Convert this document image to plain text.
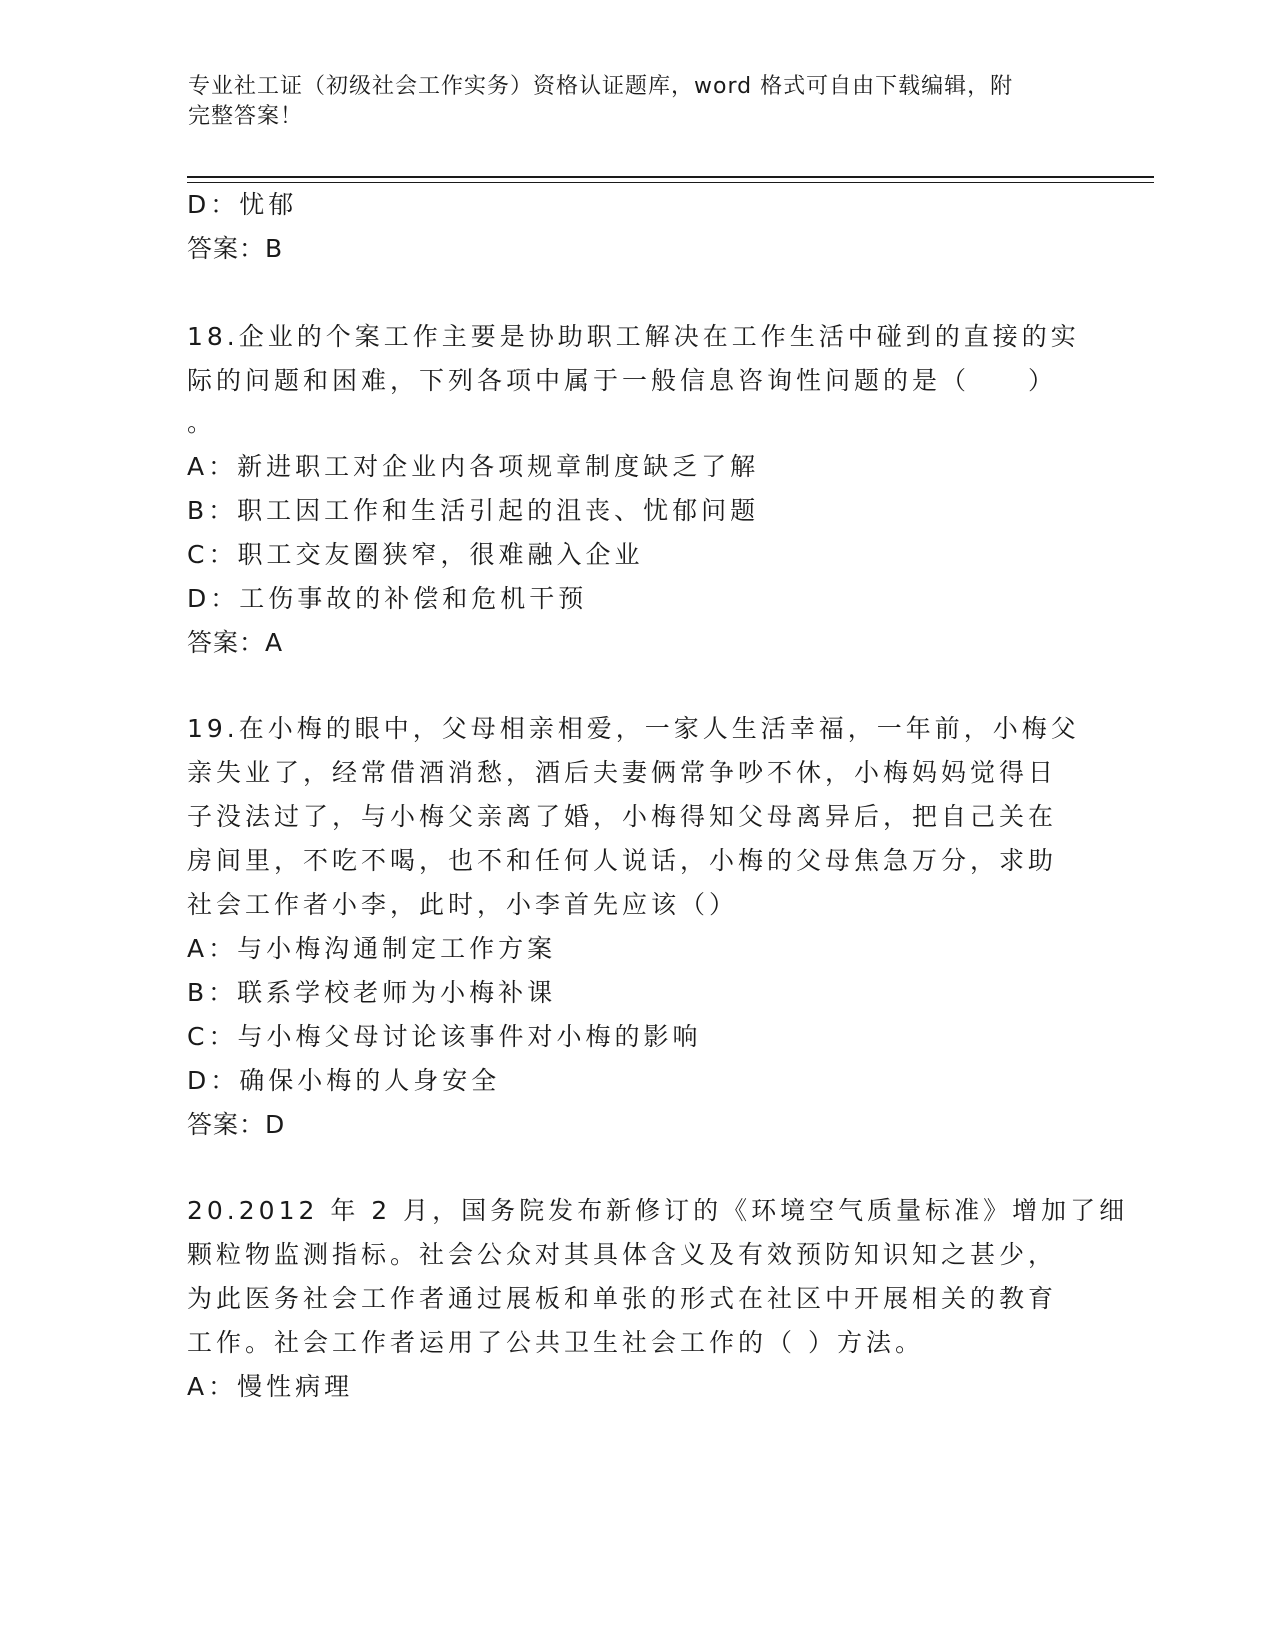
专业社工证（初级社会工作实务）资格认证题库，word 格式可自由下载编辑，附
完整答案！
D：忧郁
答案：B
18.企业的个案工作主要是协助职工解决在工作生活中碰到的直接的实
际的问题和困难，下列各项中属于一般信息咨询性问题的是（　　）
。
A：新进职工对企业内各项规章制度缺乏了解
B：职工因工作和生活引起的沮丧、忧郁问题
C：职工交友圈狭窄，很难融入企业
D：工伤事故的补偿和危机干预
答案：A
19.在小梅的眼中，父母相亲相爱，一家人生活幸福，一年前，小梅父
亲失业了，经常借酒消愁，酒后夫妻俩常争吵不休，小梅妈妈觉得日
子没法过了，与小梅父亲离了婚，小梅得知父母离异后，把自己关在
房间里，不吃不喝，也不和任何人说话，小梅的父母焦急万分，求助
社会工作者小李，此时，小李首先应该（）
A：与小梅沟通制定工作方案
B：联系学校老师为小梅补课
C：与小梅父母讨论该事件对小梅的影响
D：确保小梅的人身安全
答案：D
20.2012 年 2 月，国务院发布新修订的《环境空气质量标准》增加了细
颗粒物监测指标。社会公众对其具体含义及有效预防知识知之甚少，
为此医务社会工作者通过展板和单张的形式在社区中开展相关的教育
工作。社会工作者运用了公共卫生社会工作的（ ）方法。
A：慢性病理
